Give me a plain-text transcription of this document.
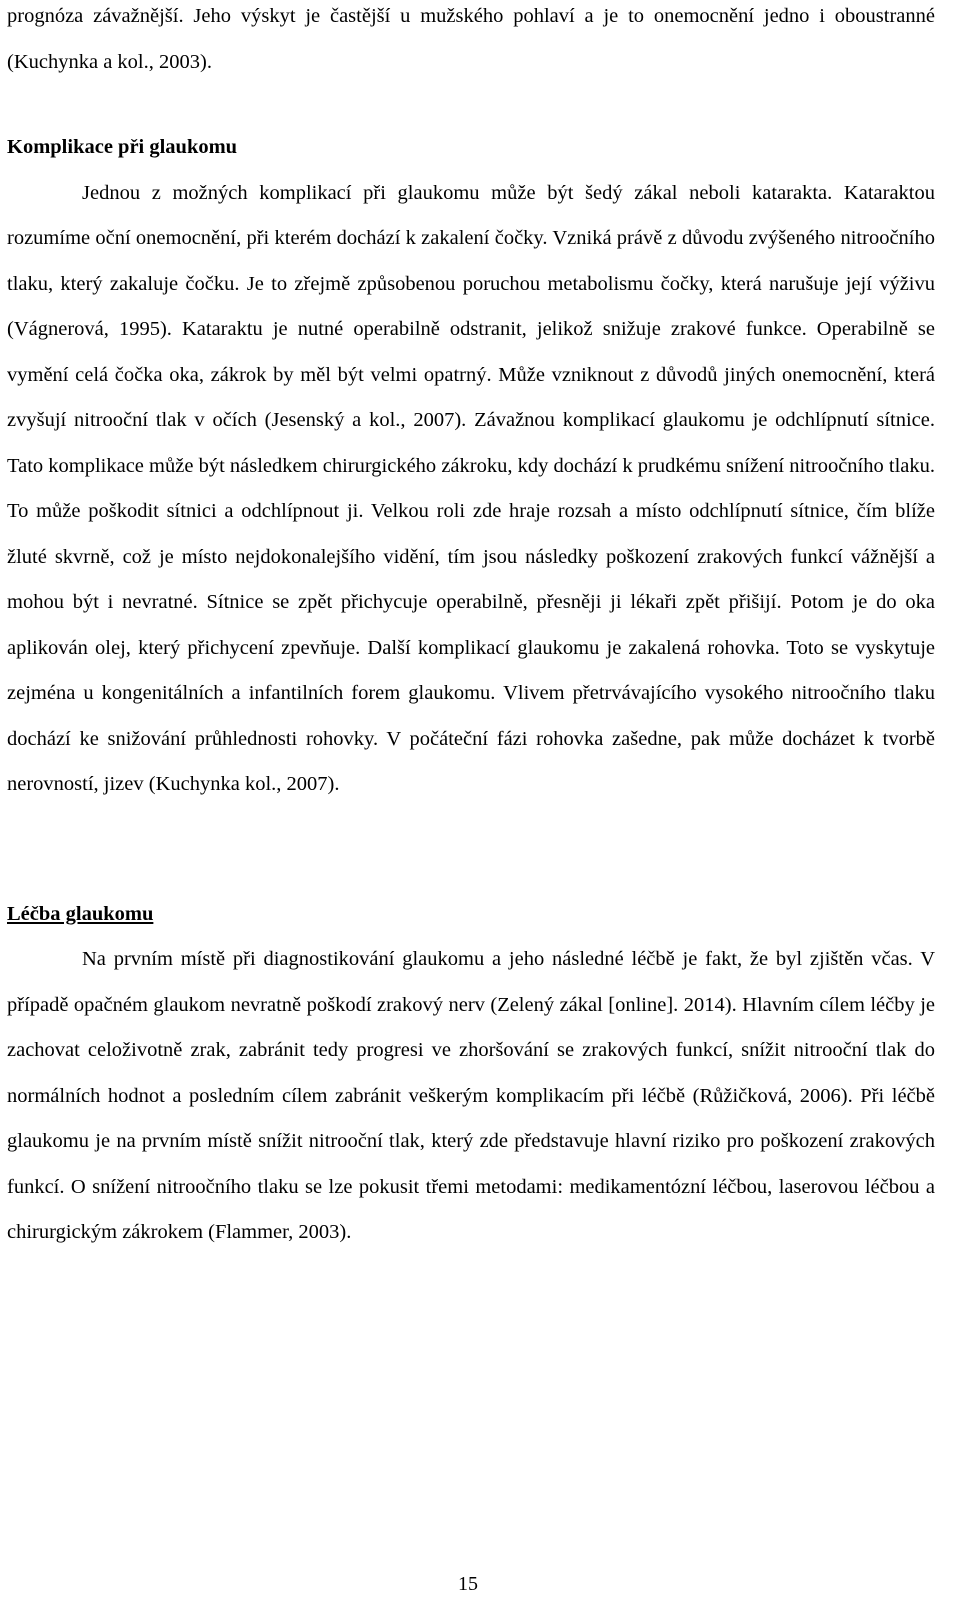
prognóza závažnější. Jeho výskyt je častější u mužského pohlaví a je to onemocnění jedno i oboustranné (Kuchynka a kol., 2003).

Komplikace při glaukomu

Jednou z možných komplikací při glaukomu může být šedý zákal neboli katarakta. Kataraktou rozumíme oční onemocnění, při kterém dochází k zakalení čočky. Vzniká právě z důvodu zvýšeného nitroočního tlaku, který zakaluje čočku. Je to zřejmě způsobenou poruchou metabolismu čočky, která narušuje její výživu (Vágnerová, 1995). Kataraktu je nutné operabilně odstranit, jelikož snižuje zrakové funkce. Operabilně se vymění celá čočka oka, zákrok by měl být velmi opatrný. Může vzniknout z důvodů jiných onemocnění, která zvyšují nitrooční tlak v očích (Jesenský a kol., 2007). Závažnou komplikací glaukomu je odchlípnutí sítnice. Tato komplikace může být následkem chirurgického zákroku, kdy dochází k prudkému snížení nitroočního tlaku. To může poškodit sítnici a odchlípnout ji. Velkou roli zde hraje rozsah a místo odchlípnutí sítnice, čím blíže žluté skvrně, což je místo nejdokonalejšího vidění, tím jsou následky poškození zrakových funkcí vážnější a mohou být i nevratné. Sítnice se zpět přichycuje operabilně, přesněji ji lékaři zpět přišijí. Potom je do oka aplikován olej, který přichycení zpevňuje. Další komplikací glaukomu je zakalená rohovka. Toto se vyskytuje zejména u kongenitálních a infantilních forem glaukomu. Vlivem přetrvávajícího vysokého nitroočního tlaku dochází ke snižování průhlednosti rohovky. V počáteční fázi rohovka zašedne, pak může docházet k tvorbě nerovností, jizev (Kuchynka kol., 2007).

Léčba glaukomu

Na prvním místě při diagnostikování glaukomu a jeho následné léčbě je fakt, že byl zjištěn včas. V případě opačném glaukom nevratně poškodí zrakový nerv (Zelený zákal [online]. 2014). Hlavním cílem léčby je zachovat celoživotně zrak, zabránit tedy progresi ve zhoršování se zrakových funkcí, snížit nitrooční tlak do normálních hodnot a posledním cílem zabránit veškerým komplikacím při léčbě (Růžičková, 2006). Při léčbě glaukomu je na prvním místě snížit nitrooční tlak, který zde představuje hlavní riziko pro poškození zrakových funkcí. O snížení nitroočního tlaku se lze pokusit třemi metodami: medikamentózní léčbou, laserovou léčbou a chirurgickým zákrokem (Flammer, 2003).

15
